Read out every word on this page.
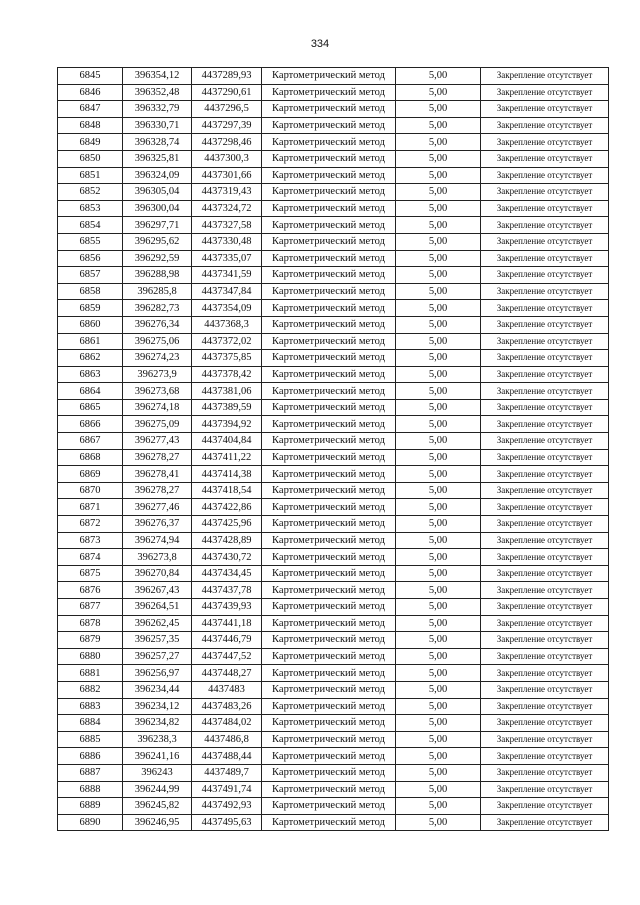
334
6845	396354,12	4437289,93	Картометрический метод	5,00	Закрепление отсутствует
6846	396352,48	4437290,61	Картометрический метод	5,00	Закрепление отсутствует
6847	396332,79	4437296,5	Картометрический метод	5,00	Закрепление отсутствует
6848	396330,71	4437297,39	Картометрический метод	5,00	Закрепление отсутствует
6849	396328,74	4437298,46	Картометрический метод	5,00	Закрепление отсутствует
6850	396325,81	4437300,3	Картометрический метод	5,00	Закрепление отсутствует
6851	396324,09	4437301,66	Картометрический метод	5,00	Закрепление отсутствует
6852	396305,04	4437319,43	Картометрический метод	5,00	Закрепление отсутствует
6853	396300,04	4437324,72	Картометрический метод	5,00	Закрепление отсутствует
6854	396297,71	4437327,58	Картометрический метод	5,00	Закрепление отсутствует
6855	396295,62	4437330,48	Картометрический метод	5,00	Закрепление отсутствует
6856	396292,59	4437335,07	Картометрический метод	5,00	Закрепление отсутствует
6857	396288,98	4437341,59	Картометрический метод	5,00	Закрепление отсутствует
6858	396285,8	4437347,84	Картометрический метод	5,00	Закрепление отсутствует
6859	396282,73	4437354,09	Картометрический метод	5,00	Закрепление отсутствует
6860	396276,34	4437368,3	Картометрический метод	5,00	Закрепление отсутствует
6861	396275,06	4437372,02	Картометрический метод	5,00	Закрепление отсутствует
6862	396274,23	4437375,85	Картометрический метод	5,00	Закрепление отсутствует
6863	396273,9	4437378,42	Картометрический метод	5,00	Закрепление отсутствует
6864	396273,68	4437381,06	Картометрический метод	5,00	Закрепление отсутствует
6865	396274,18	4437389,59	Картометрический метод	5,00	Закрепление отсутствует
6866	396275,09	4437394,92	Картометрический метод	5,00	Закрепление отсутствует
6867	396277,43	4437404,84	Картометрический метод	5,00	Закрепление отсутствует
6868	396278,27	4437411,22	Картометрический метод	5,00	Закрепление отсутствует
6869	396278,41	4437414,38	Картометрический метод	5,00	Закрепление отсутствует
6870	396278,27	4437418,54	Картометрический метод	5,00	Закрепление отсутствует
6871	396277,46	4437422,86	Картометрический метод	5,00	Закрепление отсутствует
6872	396276,37	4437425,96	Картометрический метод	5,00	Закрепление отсутствует
6873	396274,94	4437428,89	Картометрический метод	5,00	Закрепление отсутствует
6874	396273,8	4437430,72	Картометрический метод	5,00	Закрепление отсутствует
6875	396270,84	4437434,45	Картометрический метод	5,00	Закрепление отсутствует
6876	396267,43	4437437,78	Картометрический метод	5,00	Закрепление отсутствует
6877	396264,51	4437439,93	Картометрический метод	5,00	Закрепление отсутствует
6878	396262,45	4437441,18	Картометрический метод	5,00	Закрепление отсутствует
6879	396257,35	4437446,79	Картометрический метод	5,00	Закрепление отсутствует
6880	396257,27	4437447,52	Картометрический метод	5,00	Закрепление отсутствует
6881	396256,97	4437448,27	Картометрический метод	5,00	Закрепление отсутствует
6882	396234,44	4437483	Картометрический метод	5,00	Закрепление отсутствует
6883	396234,12	4437483,26	Картометрический метод	5,00	Закрепление отсутствует
6884	396234,82	4437484,02	Картометрический метод	5,00	Закрепление отсутствует
6885	396238,3	4437486,8	Картометрический метод	5,00	Закрепление отсутствует
6886	396241,16	4437488,44	Картометрический метод	5,00	Закрепление отсутствует
6887	396243	4437489,7	Картометрический метод	5,00	Закрепление отсутствует
6888	396244,99	4437491,74	Картометрический метод	5,00	Закрепление отсутствует
6889	396245,82	4437492,93	Картометрический метод	5,00	Закрепление отсутствует
6890	396246,95	4437495,63	Картометрический метод	5,00	Закрепление отсутствует
